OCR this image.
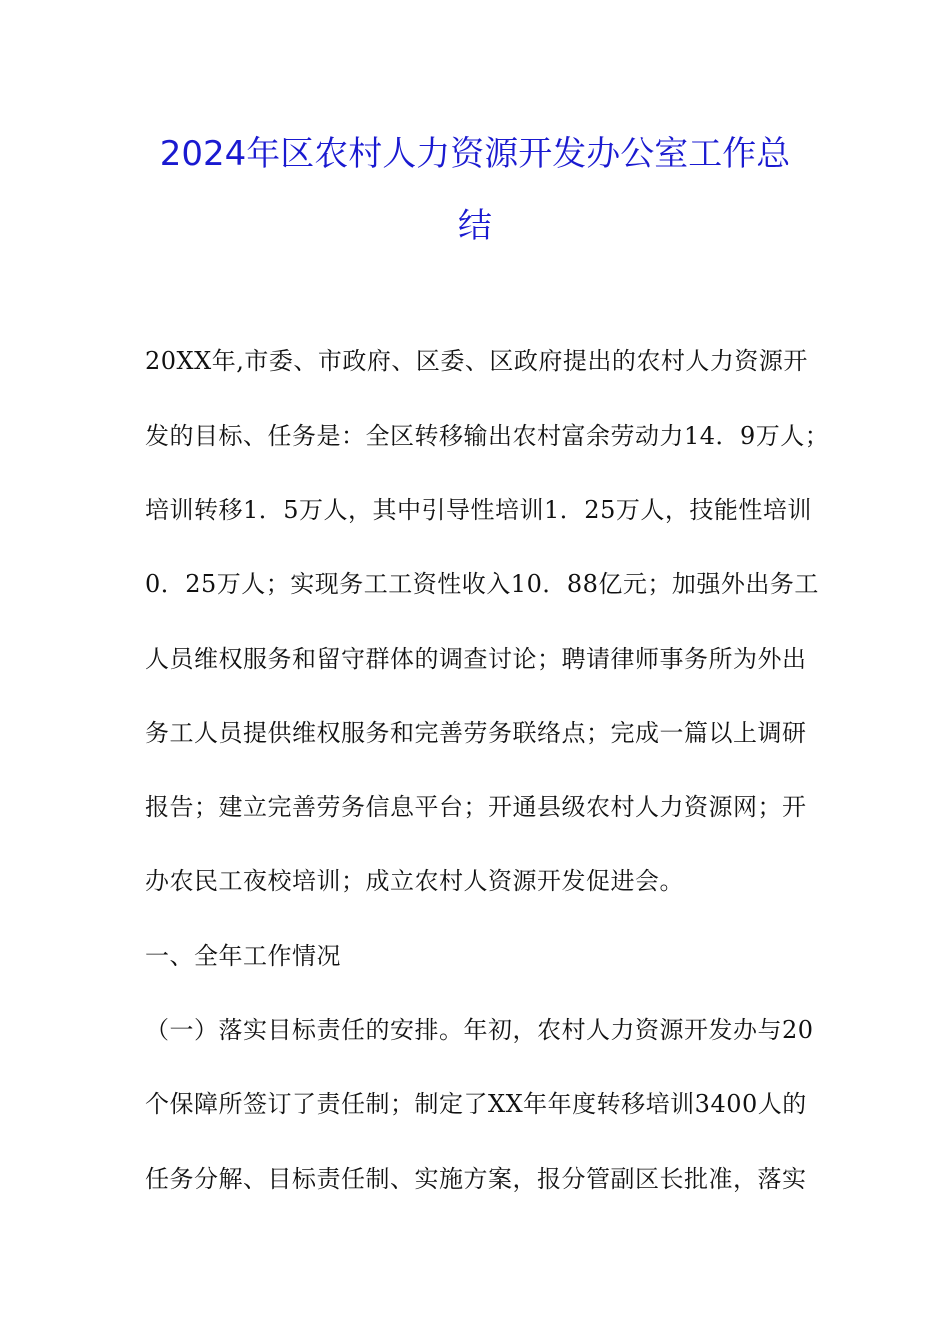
2024年区农村人力资源开发办公室工作总
结
20XX年,市委、市政府、区委、区政府提出的农村人力资源开
发的目标、任务是：全区转移输出农村富余劳动力14．9万人；
培训转移1．5万人，其中引导性培训1．25万人，技能性培训
0．25万人；实现务工工资性收入10．88亿元；加强外出务工
人员维权服务和留守群体的调查讨论；聘请律师事务所为外出
务工人员提供维权服务和完善劳务联络点；完成一篇以上调研
报告；建立完善劳务信息平台；开通县级农村人力资源网；开
办农民工夜校培训；成立农村人资源开发促进会。
一、全年工作情况
（一）落实目标责任的安排。年初，农村人力资源开发办与20
个保障所签订了责任制；制定了XX年年度转移培训3400人的
任务分解、目标责任制、实施方案，报分管副区长批准，落实
